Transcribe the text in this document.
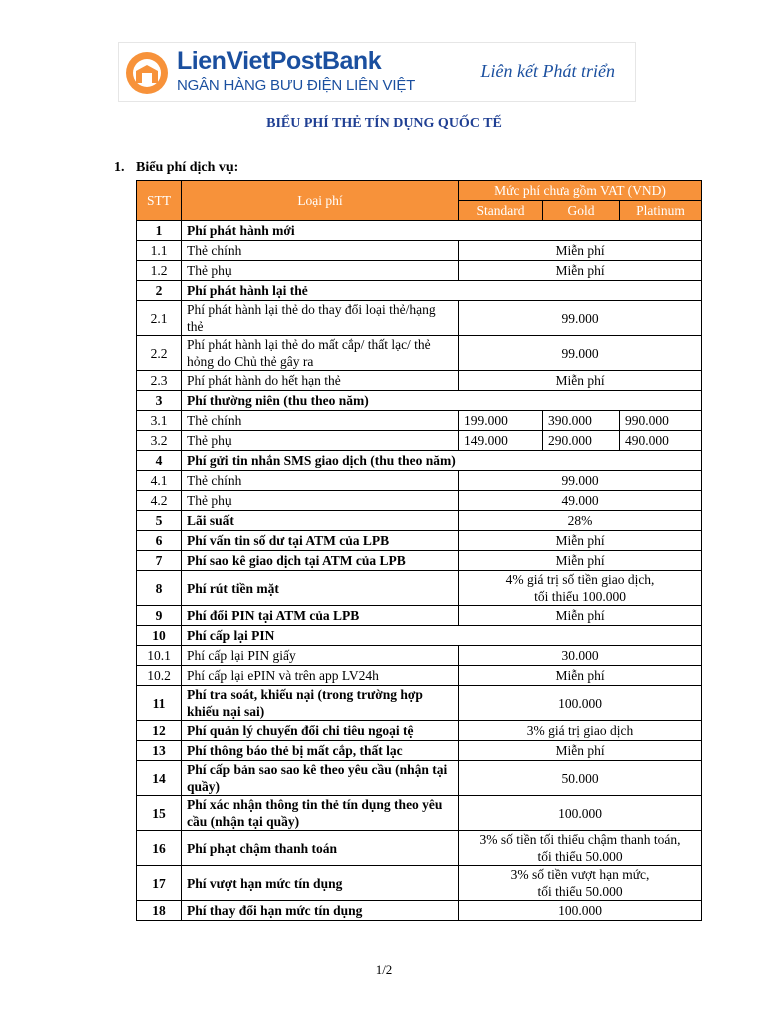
LienVietPostBank
NGÂN HÀNG BƯU ĐIỆN LIÊN VIỆT
Liên kết Phát triển
BIỂU PHÍ THẺ TÍN DỤNG QUỐC TẾ
1. Biểu phí dịch vụ:
STT	Loại phí	Mức phí chưa gồm VAT (VND)		
		Standard	Gold	Platinum
1	Phí phát hành mới			
1.1	Thẻ chính	Miễn phí		
1.2	Thẻ phụ	Miễn phí		
2	Phí phát hành lại thẻ			
2.1	Phí phát hành lại thẻ do thay đổi loại thẻ/hạng thẻ	99.000		
2.2	Phí phát hành lại thẻ do mất cắp/ thất lạc/ thẻ hỏng do Chủ thẻ gây ra	99.000		
2.3	Phí phát hành do hết hạn thẻ	Miễn phí		
3	Phí thường niên (thu theo năm)			
3.1	Thẻ chính	199.000	390.000	990.000
3.2	Thẻ phụ	149.000	290.000	490.000
4	Phí gửi tin nhắn SMS giao dịch (thu theo năm)			
4.1	Thẻ chính	99.000		
4.2	Thẻ phụ	49.000		
5	Lãi suất	28%		
6	Phí vấn tin số dư tại ATM của LPB	Miễn phí		
7	Phí sao kê giao dịch tại ATM của LPB	Miễn phí		
8	Phí rút tiền mặt	4% giá trị số tiền giao dịch,
tối thiểu 100.000		
9	Phí đổi PIN tại ATM của LPB	Miễn phí		
10	Phí cấp lại PIN			
10.1	Phí cấp lại PIN giấy	30.000		
10.2	Phí cấp lại ePIN và trên app LV24h	Miễn phí		
11	Phí tra soát, khiếu nại (trong trường hợp khiếu nại sai)	100.000		
12	Phí quản lý chuyển đổi chi tiêu ngoại tệ	3% giá trị giao dịch		
13	Phí thông báo thẻ bị mất cắp, thất lạc	Miễn phí		
14	Phí cấp bản sao sao kê theo yêu cầu (nhận tại quầy)	50.000		
15	Phí xác nhận thông tin thẻ tín dụng theo yêu cầu (nhận tại quầy)	100.000		
16	Phí phạt chậm thanh toán	3% số tiền tối thiểu chậm thanh toán,
tối thiểu 50.000		
17	Phí vượt hạn mức tín dụng	3% số tiền vượt hạn mức,
tối thiểu 50.000		
18	Phí thay đổi hạn mức tín dụng	100.000		
1/2
